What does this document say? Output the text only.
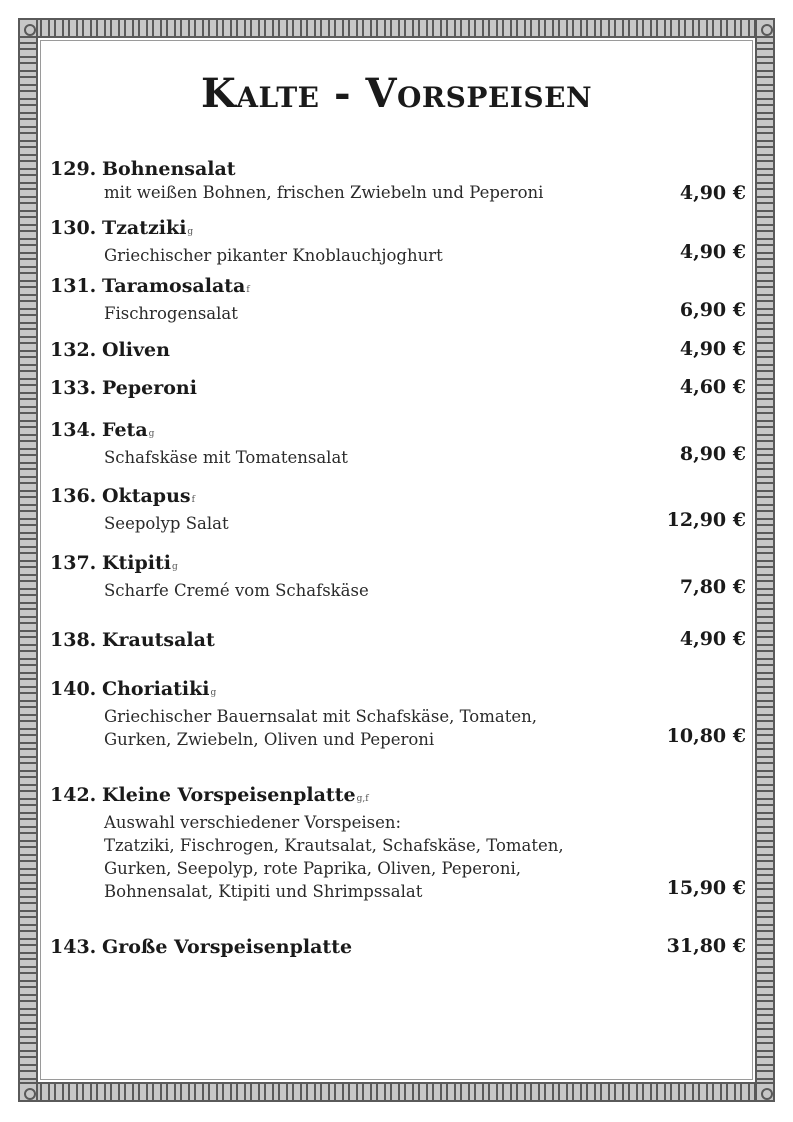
Kalte - Vorspeisen
129. Bohnensalat
mit weißen Bohnen, frischen Zwiebeln und Peperoni	4,90 €
130. Tzatziki g
Griechischer pikanter Knoblauchjoghurt	4,90 €
131. Taramosalata f
Fischrogensalat	6,90 €
132. Oliven	4,90 €
133. Peperoni	4,60 €
134. Feta g
Schafskäse mit Tomatensalat	8,90 €
136. Oktapus f
Seepolyp Salat	12,90 €
137. Ktipiti g
Scharfe Cremé vom Schafskäse	7,80 €
138. Krautsalat	4,90 €
140. Choriatiki g
Griechischer Bauernsalat mit Schafskäse, Tomaten,
Gurken, Zwiebeln, Oliven und Peperoni	10,80 €
142. Kleine Vorspeisenplatte g,f
Auswahl verschiedener Vorspeisen:
Tzatziki, Fischrogen, Krautsalat, Schafskäse, Tomaten,
Gurken, Seepolyp, rote Paprika, Oliven, Peperoni,
Bohnensalat, Ktipiti und Shrimpssalat	15,90 €
143. Große Vorspeisenplatte	31,80 €
